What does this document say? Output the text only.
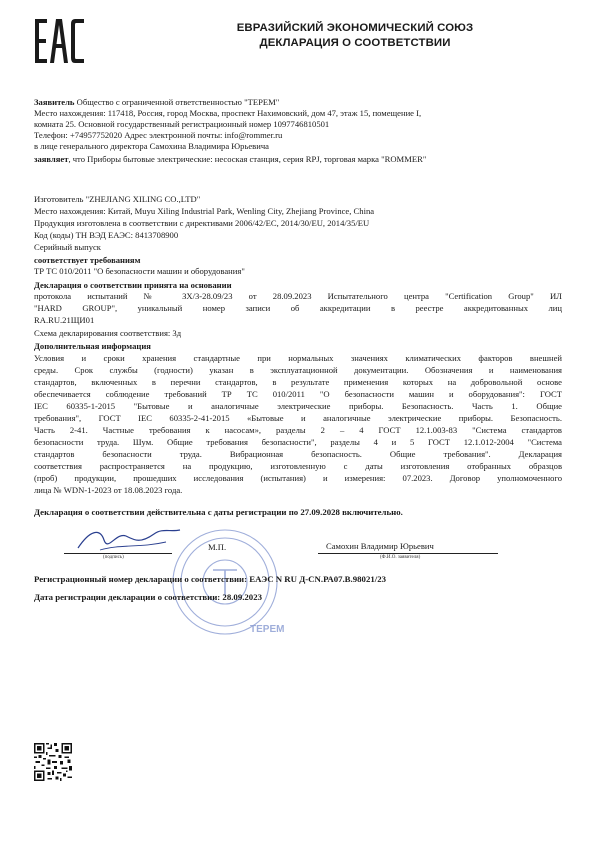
ЕВРАЗИЙСКИЙ ЭКОНОМИЧЕСКИЙ СОЮЗ
ДЕКЛАРАЦИЯ О СООТВЕТСТВИИ
Заявитель Общество с ограниченной ответственностью "ТЕРЕМ"
Место нахождения: 117418, Россия, город Москва, проспект Нахимовский, дом 47, этаж 15, помещение I,
комната 25. Основной государственный регистрационный номер 1097746810501
Телефон: +74957752020 Адрес электронной почты: info@rommer.ru
в лице генерального директора Самохина Владимира Юрьевича
заявляет, что Приборы бытовые электрические: несоская станция, серия RPJ, торговая марка "ROMMER"
Изготовитель "ZHEJIANG XILING CO.,LTD"
Место нахождения: Китай, Muyu Xiling Industrial Park, Wenling City, Zhejiang Province, China
Продукция изготовлена в соответствии с директивами 2006/42/EC, 2014/30/EU, 2014/35/EU
Код (коды) ТН ВЭД ЕАЭС: 8413708900
Серийный выпуск
соответствует требованиям
ТР ТС 010/2011 "О безопасности машин и оборудования"
Декларация о соответствии принята на основании
протокола испытаний № ЗХ/3-28.09/23 от 28.09.2023 Испытательного центра "Certification Group" ИЛ
"HARD GROUP", уникальный номер записи об аккредитации в реестре аккредитованных лиц
RA.RU.21ЩИ01
Схема декларирования соответствия: 3д
Дополнительная информация
Условия и сроки хранения стандартные при нормальных значениях климатических факторов внешней
среды. Срок службы (годности) указан в эксплуатационной документации. Обозначения и наименования
стандартов, включенных в перечни стандартов, в результате применения которых на добровольной основе
обеспечивается соблюдение требований ТР ТС 010/2011 "О безопасности машин и оборудования": ГОСТ
IEC 60335-1-2015 "Бытовые и аналогичные электрические приборы. Безопасность. Часть 1. Общие
требования", ГОСТ IEC 60335-2-41-2015 «Бытовые и аналогичные электрические приборы. Безопасность.
Часть 2-41. Частные требования к насосам», разделы 2 – 4 ГОСТ 12.1.003-83 "Система стандартов
безопасности труда. Шум. Общие требования безопасности", разделы 4 и 5 ГОСТ 12.1.012-2004 "Система
стандартов безопасности труда. Вибрационная безопасность. Общие требования". Декларация
соответствия распространяется на продукцию, изготовленную с даты изготовления отобранных образцов
(проб) продукции, прошедших исследования (испытания) и измерения: 07.2023. Договор уполномоченного
лица № WDN-1-2023 от 18.08.2023 года.
Декларация о соответствии действительна с даты регистрации по 27.09.2028 включительно.
(подпись)
М.П.	Самохин Владимир Юрьевич
(Ф.И.О. заявителя)
ТЕРЕМ
Регистрационный номер декларации о соответствии: ЕАЭС N RU Д-CN.РА07.В.98021/23
Дата регистрации декларации о соответствии: 28.09.2023
